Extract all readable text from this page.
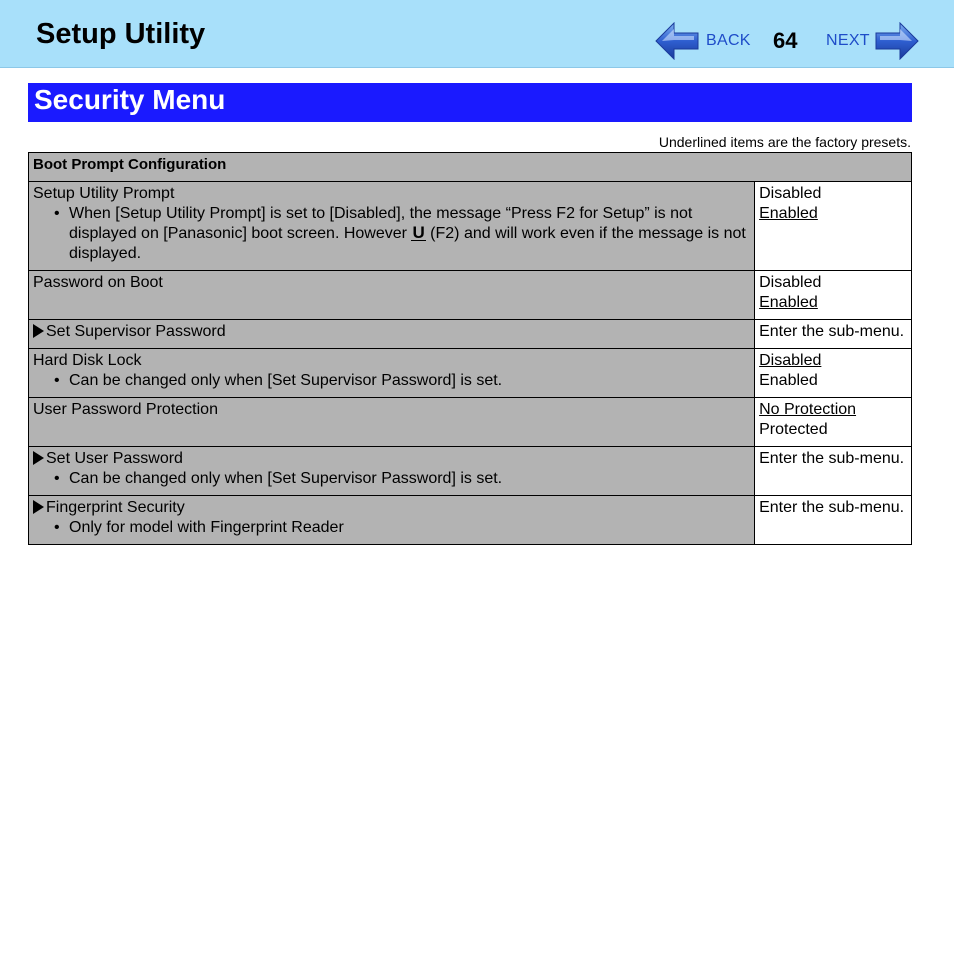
Setup Utility	BACK 64 NEXT
Security Menu
Underlined items are the factory presets.
Boot Prompt Configuration	
Setup Utility Prompt
• When [Setup Utility Prompt] is set to [Disabled], the message “Press F2 for Setup” is not displayed on [Panasonic] boot screen. However U (F2) and will work even if the message is not displayed.	Disabled
Enabled

Password on Boot	Disabled
Enabled

Set Supervisor Password	Enter the sub-menu.

Hard Disk Lock
• Can be changed only when [Set Supervisor Password] is set.	Disabled
Enabled

User Password Protection	No Protection
Protected

Set User Password
• Can be changed only when [Set Supervisor Password] is set.	Enter the sub-menu.

Fingerprint Security
• Only for model with Fingerprint Reader	Enter the sub-menu.
